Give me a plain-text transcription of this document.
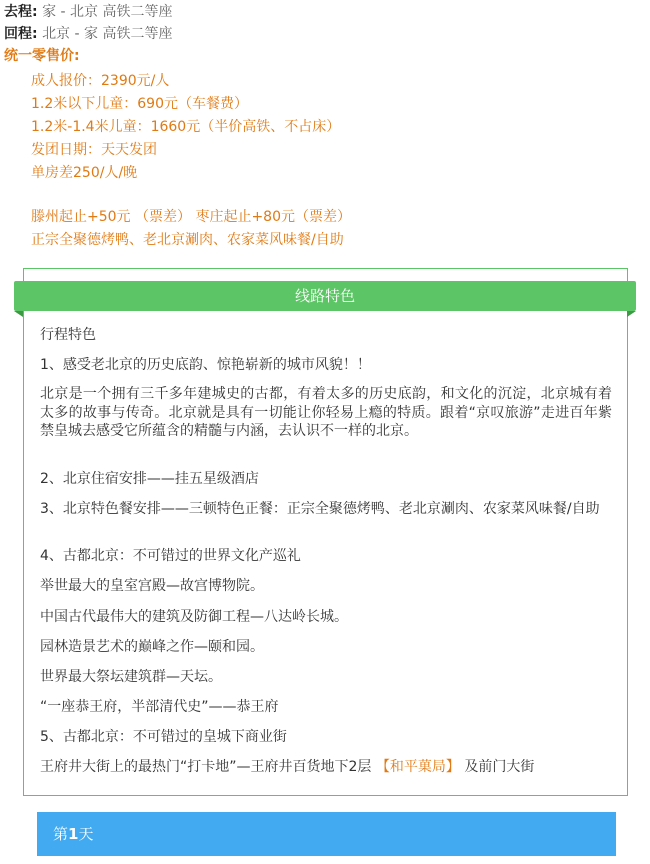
去程: 家 - 北京 高铁二等座
回程: 北京 - 家 高铁二等座
统一零售价:
成人报价：2390元/人
1.2米以下儿童：690元（车餐费）
1.2米-1.4米儿童：1660元（半价高铁、不占床）
发团日期：天天发团
单房差250/人/晚
滕州起止+50元 （票差） 枣庄起止+80元（票差）
正宗全聚德烤鸭、老北京涮肉、农家菜风味餐/自助
线路特色
行程特色
1、感受老北京的历史底韵、惊艳崭新的城市风貌！！
北京是一个拥有三千多年建城史的古都，有着太多的历史底韵，和文化的沉淀，北京城有着太多的故事与传奇。北京就是具有一切能让你轻易上瘾的特质。跟着“京叹旅游”走进百年紫禁皇城去感受它所蕴含的精髓与内涵，去认识不一样的北京。
2、北京住宿安排——挂五星级酒店
3、北京特色餐安排——三顿特色正餐：正宗全聚德烤鸭、老北京涮肉、农家菜风味餐/自助
4、古都北京：不可错过的世界文化产巡礼
举世最大的皇室宫殿—故宫博物院。
中国古代最伟大的建筑及防御工程—八达岭长城。
园林造景艺术的巅峰之作—颐和园。
世界最大祭坛建筑群—天坛。
“一座恭王府，半部清代史”——恭王府
5、古都北京：不可错过的皇城下商业街
王府井大街上的最热门“打卡地”—王府井百货地下2层 【和平菓局】 及前门大街
第1天
